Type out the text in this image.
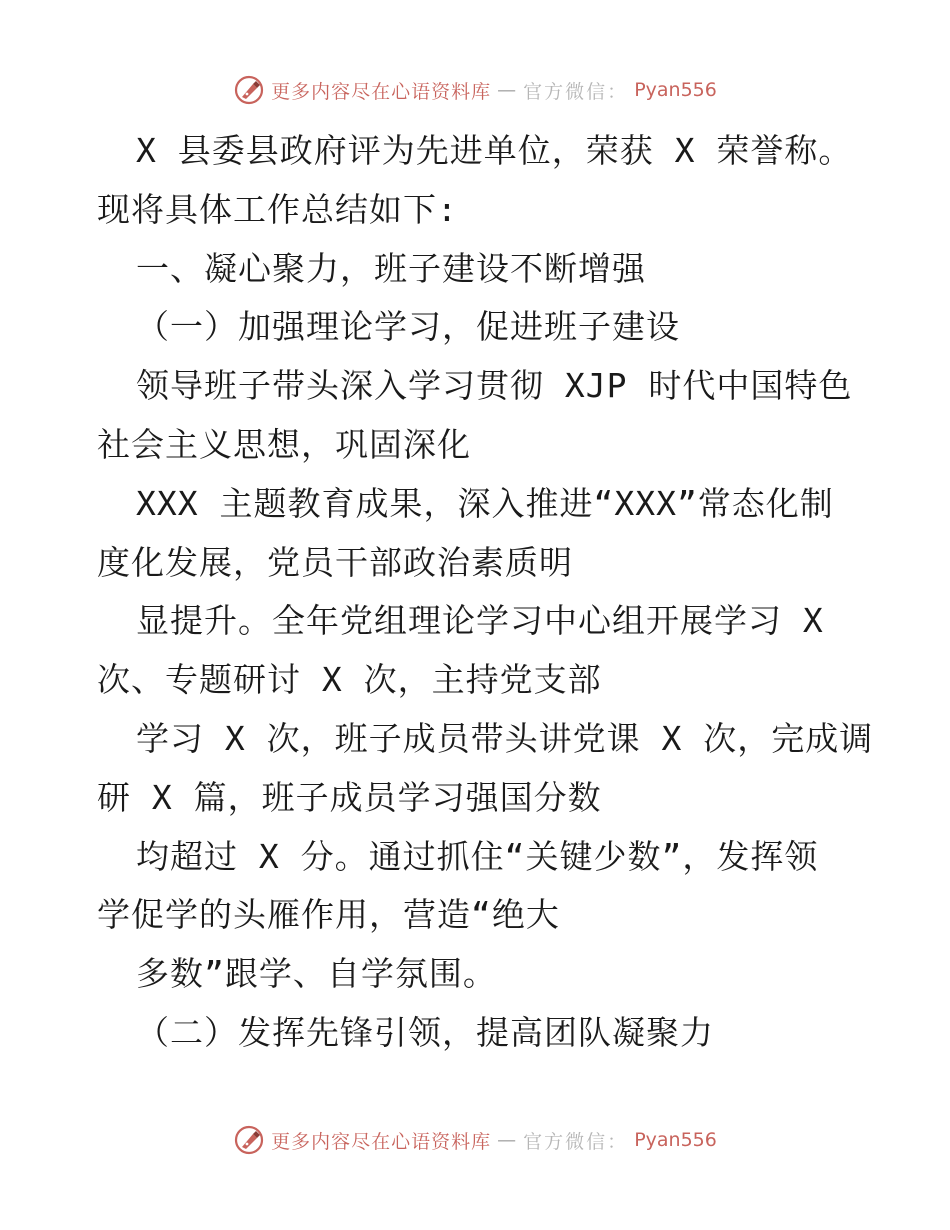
更多内容尽在心语资料库 — 官方微信： Pyan556
X 县委县政府评为先进单位，荣获 X 荣誉称。
现将具体工作总结如下:
一、凝心聚力，班子建设不断增强
（一）加强理论学习，促进班子建设
领导班子带头深入学习贯彻 XJP 时代中国特色
社会主义思想，巩固深化
XXX 主题教育成果，深入推进“XXX”常态化制
度化发展，党员干部政治素质明
显提升。全年党组理论学习中心组开展学习 X
次、专题研讨 X 次，主持党支部
学习 X 次，班子成员带头讲党课 X 次，完成调
研 X 篇，班子成员学习强国分数
均超过 X 分。通过抓住“关键少数”，发挥领
学促学的头雁作用，营造“绝大
多数”跟学、自学氛围。
（二）发挥先锋引领，提高团队凝聚力
更多内容尽在心语资料库 — 官方微信： Pyan556
